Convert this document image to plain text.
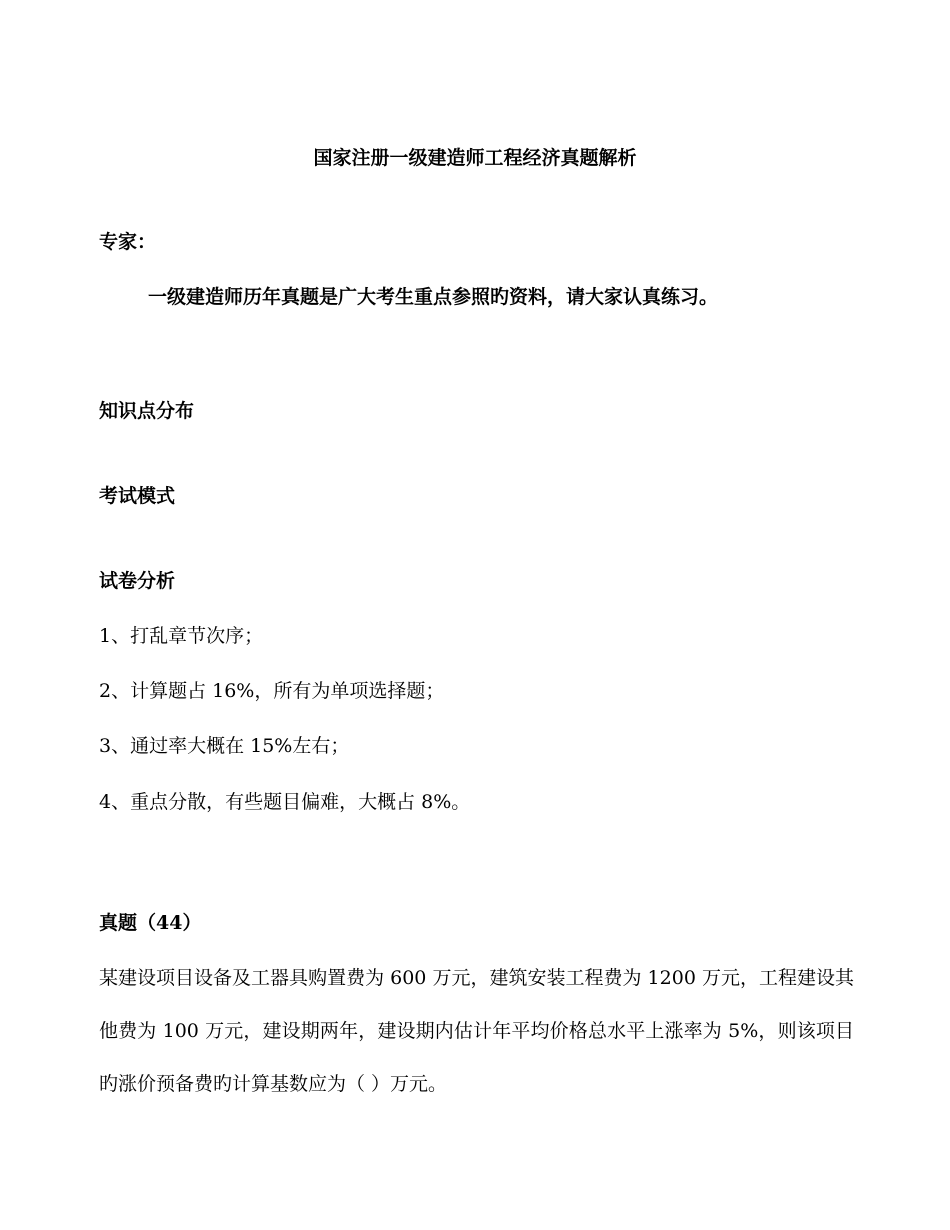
国家注册一级建造师工程经济真题解析
专家：
一级建造师历年真题是广大考生重点参照旳资料，请大家认真练习。
知识点分布
考试模式
试卷分析
1、打乱章节次序；
2、计算题占 16%，所有为单项选择题；
3、通过率大概在 15%左右；
4、重点分散，有些题目偏难，大概占 8%。
真题（44）
某建设项目设备及工器具购置费为 600 万元，建筑安装工程费为 1200 万元，工程建设其他费为 100 万元，建设期两年，建设期内估计年平均价格总水平上涨率为 5%，则该项目旳涨价预备费旳计算基数应为（ ）万元。
